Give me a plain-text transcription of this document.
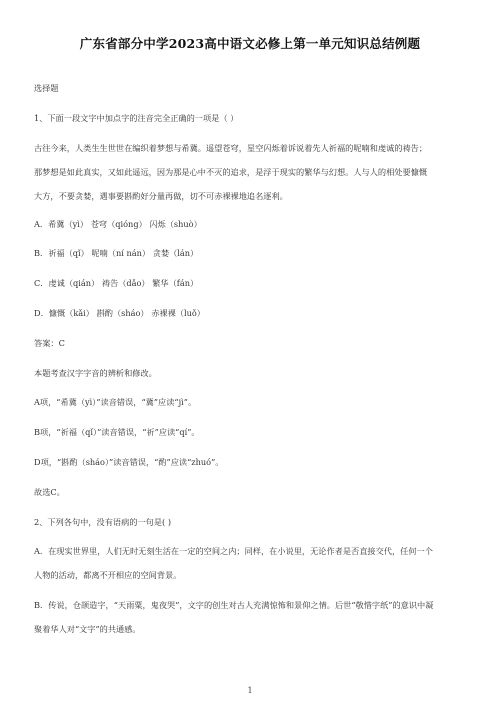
广东省部分中学2023高中语文必修上第一单元知识总结例题
选择题
1、下面一段文字中加点字的注音完全正确的一项是（ ）
古往今来，人类生生世世在编织着梦想与希冀。遥望苍穹，星空闪烁着诉说着先人祈福的呢喃和虔诚的祷告；
那梦想是如此真实，又如此遥远，因为那是心中不灭的追求，是浮于现实的繁华与幻想。人与人的相处要慷慨
大方，不要贪婪，遇事要斟酌好分量再做，切不可赤裸裸地追名逐利。
A．希冀（yì） 苍穹（qióng） 闪烁（shuò）
B．祈福（qǐ） 呢喃（ní nán） 贪婪（lán）
C．虔诚（qián） 祷告（dǎo） 繁华（fán）
D．慷慨（kǎi） 斟酌（sháo） 赤裸裸（luǒ）
答案：C
本题考查汉字字音的辨析和修改。
A项，“希冀（yì）”读音错误，“冀”应读“jì”。
B项，“祈福（qǐ）”读音错误，“祈”应读“qí”。
D项，“斟酌（sháo）”读音错误，“酌”应读“zhuó”。
故选C。
2、下列各句中，没有语病的一句是( )
A．在现实世界里，人们无时无刻生活在一定的空间之内；同样，在小说里，无论作者是否直接交代，任何一个
人物的活动，都离不开相应的空间背景。
B．传说，仓颉造字，“天雨粟，鬼夜哭”，文字的创生对古人充满惊怖和景仰之情。后世“敬惜字纸”的意识中凝
聚着华人对“文字”的共通感。
1
